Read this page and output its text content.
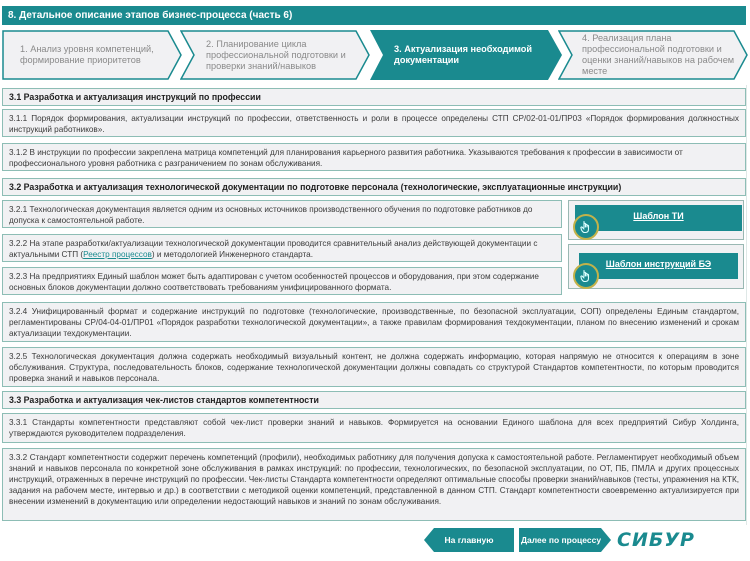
8. Детальное описание этапов бизнес-процесса (часть 6)
1. Анализ уровня компетенций, формирование приоритетов
2. Планирование цикла профессиональной подготовки и проверки знаний/навыков
3. Актуализация необходимой документации
4. Реализация плана профессиональной подготовки и оценки знаний/навыков на рабочем месте
3.1 Разработка и актуализация инструкций по профессии
3.1.1 Порядок формирования, актуализации инструкций по профессии, ответственность и роли в процессе определены СТП СР/02-01-01/ПР03 «Порядок формирования должностных инструкций работников».
3.1.2 В инструкции по профессии закреплена матрица компетенций для планирования карьерного развития работника. Указываются требования к профессии в зависимости от профессионального уровня работника с разграничением по зонам обслуживания.
3.2 Разработка и актуализация технологической документации по подготовке персонала (технологические, эксплуатационные инструкции)
3.2.1 Технологическая документация является одним из основных источников производственного обучения по подготовке работников до допуска к самостоятельной работе.
3.2.2 На этапе разработки/актуализации технологической документации проводится сравнительный анализ действующей документации с актуальными СТП (Реестр процессов) и методологией Инженерного стандарта.
3.2.3 На предприятиях Единый шаблон может быть адаптирован с учетом особенностей процессов и оборудования, при этом содержание основных блоков документации должно соответствовать требованиям унифицированного формата.
Шаблон ТИ
Шаблон инструкций БЭ
3.2.4 Унифицированный формат и содержание инструкций по подготовке (технологические, производственные, по безопасной эксплуатации, СОП) определены Единым стандартом, регламентированы СР/04-04-01/ПР01 «Порядок разработки технологической документации», а также правилам формирования техдокументации, планом по внесению изменений и срокам актуализации техдокументации.
3.2.5 Технологическая документация должна содержать необходимый визуальный контент, не должна содержать информацию, которая напрямую не относится к операциям в зоне обслуживания. Структура, последовательность блоков, содержание технологической документации должны совпадать со структурой Стандартов компетентности, по которым проводится проверка знаний и навыков персонала.
3.3 Разработка и актуализация чек-листов стандартов компетентности
3.3.1 Стандарты компетентности представляют собой чек-лист проверки знаний и навыков. Формируется на основании Единого шаблона для всех предприятий Сибур Холдинга, утверждаются руководителем подразделения.
3.3.2 Стандарт компетентности содержит перечень компетенций (профили), необходимых работнику для получения допуска к самостоятельной работе. Регламентирует необходимый объем знаний и навыков персонала по конкретной зоне обслуживания в рамках инструкций: по профессии, технологических, по безопасной эксплуатации, по ОТ, ПБ, ПМЛА и других процессных инструкций, отраженных в перечне инструкций по профессии. Чек-листы Стандарта компетентности определяют оптимальные способы проверки знаний/навыков (тесты, упражнения на КТК, задания на рабочем месте, интервью и др.) в соответствии с методикой оценки компетенций, представленной в данном СТП. Стандарт компетентности своевременно актуализируется при внесении изменений в документацию или определении недостающий навыков и знаний по зонам обслуживания.
На главную	Далее по процессу СИБУР
